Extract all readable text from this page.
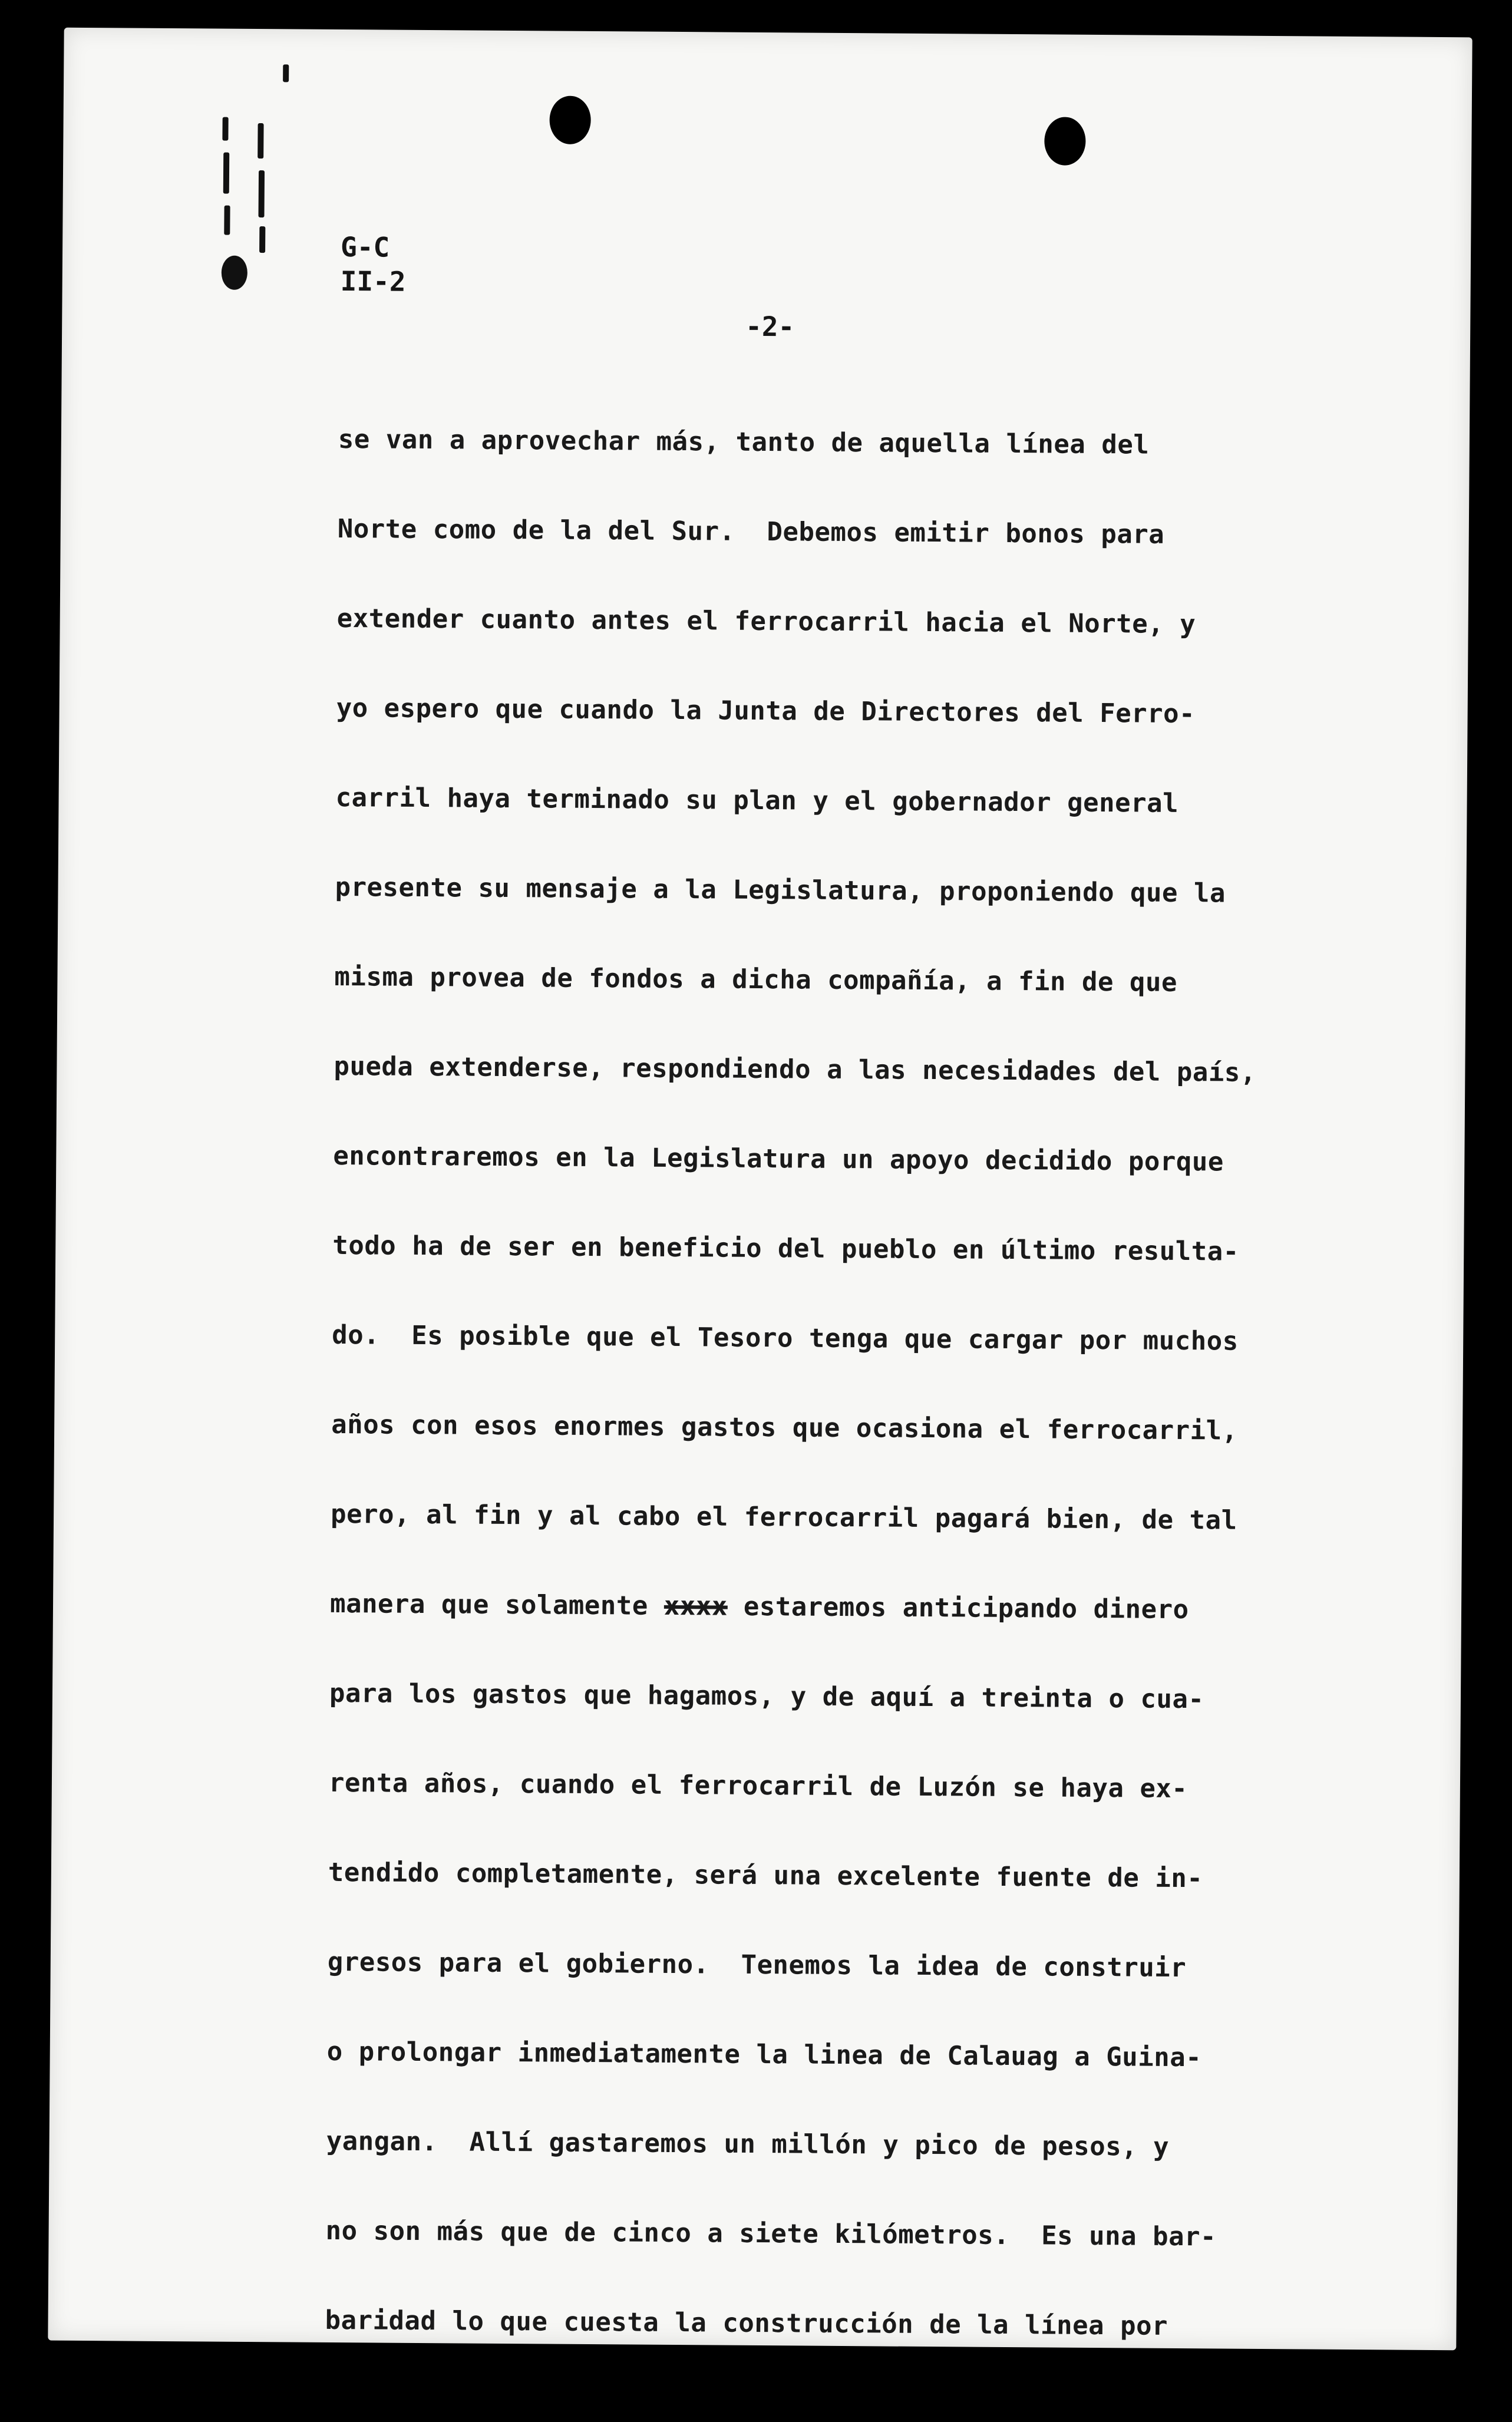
G-C
II-2

-2-

se van a aprovechar más, tanto de aquella línea del
Norte como de la del Sur.  Debemos emitir bonos para
extender cuanto antes el ferrocarril hacia el Norte, y
yo espero que cuando la Junta de Directores del Ferro-
carril haya terminado su plan y el gobernador general
presente su mensaje a la Legislatura, proponiendo que la
misma provea de fondos a dicha compañía, a fin de que
pueda extenderse, respondiendo a las necesidades del país,
encontraremos en la Legislatura un apoyo decidido porque
todo ha de ser en beneficio del pueblo en último resulta-
do.  Es posible que el Tesoro tenga que cargar por muchos
años con esos enormes gastos que ocasiona el ferrocarril,
pero, al fin y al cabo el ferrocarril pagará bien, de tal
manera que solamente xxxx estaremos anticipando dinero
para los gastos que hagamos, y de aquí a treinta o cua-
renta años, cuando el ferrocarril de Luzón se haya ex-
tendido completamente, será una excelente fuente de in-
gresos para el gobierno.  Tenemos la idea de construir
o prolongar inmediatamente la linea de Calauag a Guina-
yangan.  Allí gastaremos un millón y pico de pesos, y
no son más que de cinco a siete kilómetros.  Es una bar-
baridad lo que cuesta la construcción de la línea por
